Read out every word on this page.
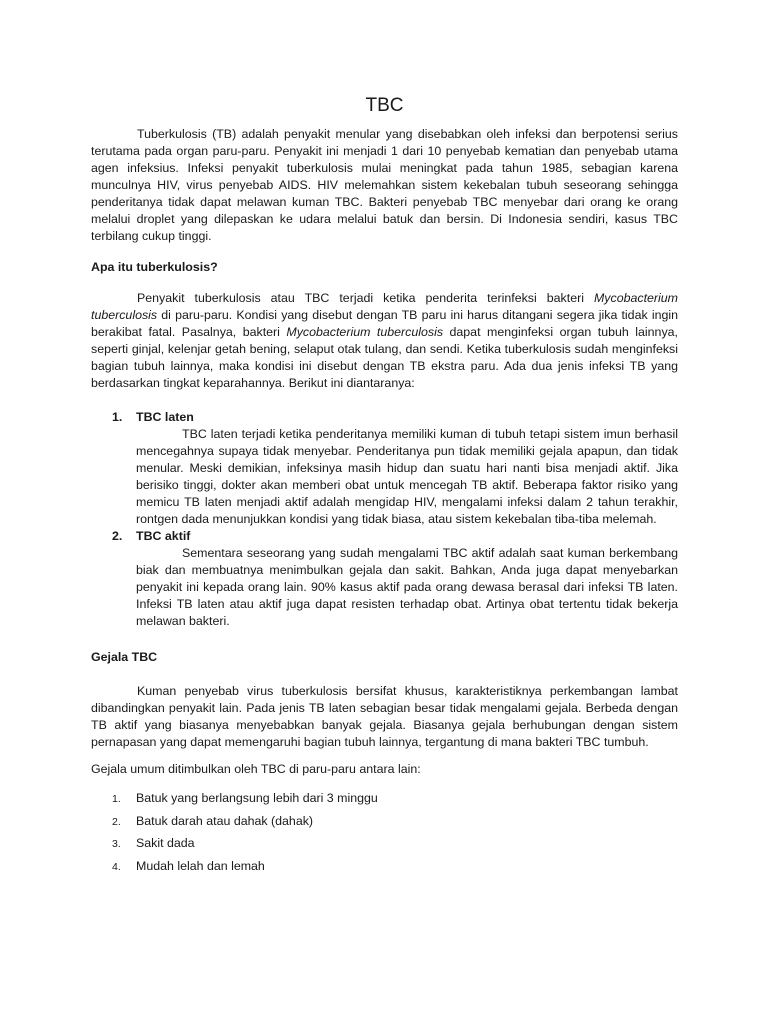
TBC

Tuberkulosis (TB) adalah penyakit menular yang disebabkan oleh infeksi dan berpotensi serius terutama pada organ paru-paru. Penyakit ini menjadi 1 dari 10 penyebab kematian dan penyebab utama agen infeksius. Infeksi penyakit tuberkulosis mulai meningkat pada tahun 1985, sebagian karena munculnya HIV, virus penyebab AIDS. HIV melemahkan sistem kekebalan tubuh seseorang sehingga penderitanya tidak dapat melawan kuman TBC. Bakteri penyebab TBC menyebar dari orang ke orang melalui droplet yang dilepaskan ke udara melalui batuk dan bersin. Di Indonesia sendiri, kasus TBC terbilang cukup tinggi.

Apa itu tuberkulosis?

Penyakit tuberkulosis atau TBC terjadi ketika penderita terinfeksi bakteri Mycobacterium tuberculosis di paru-paru. Kondisi yang disebut dengan TB paru ini harus ditangani segera jika tidak ingin berakibat fatal. Pasalnya, bakteri Mycobacterium tuberculosis dapat menginfeksi organ tubuh lainnya, seperti ginjal, kelenjar getah bening, selaput otak tulang, dan sendi. Ketika tuberkulosis sudah menginfeksi bagian tubuh lainnya, maka kondisi ini disebut dengan TB ekstra paru. Ada dua jenis infeksi TB yang berdasarkan tingkat keparahannya. Berikut ini diantaranya:

1. TBC laten

TBC laten terjadi ketika penderitanya memiliki kuman di tubuh tetapi sistem imun berhasil mencegahnya supaya tidak menyebar. Penderitanya pun tidak memiliki gejala apapun, dan tidak menular. Meski demikian, infeksinya masih hidup dan suatu hari nanti bisa menjadi aktif. Jika berisiko tinggi, dokter akan memberi obat untuk mencegah TB aktif. Beberapa faktor risiko yang memicu TB laten menjadi aktif adalah mengidap HIV, mengalami infeksi dalam 2 tahun terakhir, rontgen dada menunjukkan kondisi yang tidak biasa, atau sistem kekebalan tiba-tiba melemah.

2. TBC aktif

Sementara seseorang yang sudah mengalami TBC aktif adalah saat kuman berkembang biak dan membuatnya menimbulkan gejala dan sakit. Bahkan, Anda juga dapat menyebarkan penyakit ini kepada orang lain. 90% kasus aktif pada orang dewasa berasal dari infeksi TB laten. Infeksi TB laten atau aktif juga dapat resisten terhadap obat. Artinya obat tertentu tidak bekerja melawan bakteri.

Gejala TBC

Kuman penyebab virus tuberkulosis bersifat khusus, karakteristiknya perkembangan lambat dibandingkan penyakit lain. Pada jenis TB laten sebagian besar tidak mengalami gejala. Berbeda dengan TB aktif yang biasanya menyebabkan banyak gejala. Biasanya gejala berhubungan dengan sistem pernapasan yang dapat memengaruhi bagian tubuh lainnya, tergantung di mana bakteri TBC tumbuh.

Gejala umum ditimbulkan oleh TBC di paru-paru antara lain:

1. Batuk yang berlangsung lebih dari 3 minggu
2. Batuk darah atau dahak (dahak)
3. Sakit dada
4. Mudah lelah dan lemah
